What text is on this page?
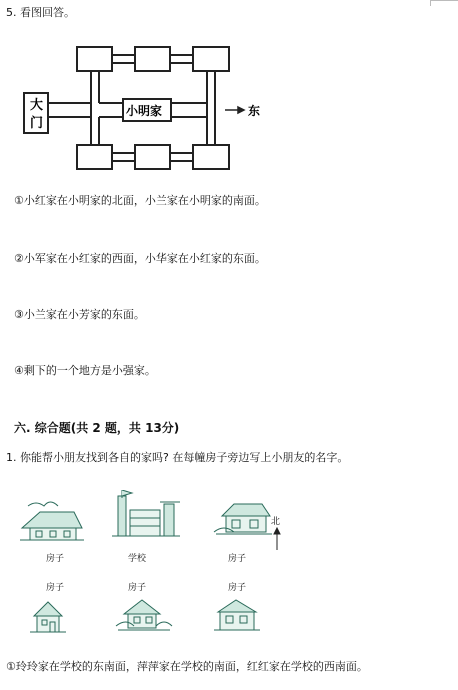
5. 看图回答。
大
门
小明家	东
①小红家在小明家的北面，小兰家在小明家的南面。
②小军家在小红家的西面，小华家在小红家的东面。
③小兰家在小芳家的东面。
④剩下的一个地方是小强家。
六. 综合题(共 2 题，共 13分)
1. 你能帮小朋友找到各自的家吗? 在每幢房子旁边写上小朋友的名字。
北
房子	学校	房子
房子	房子	房子
①玲玲家在学校的东南面，萍萍家在学校的南面，红红家在学校的西南面。
